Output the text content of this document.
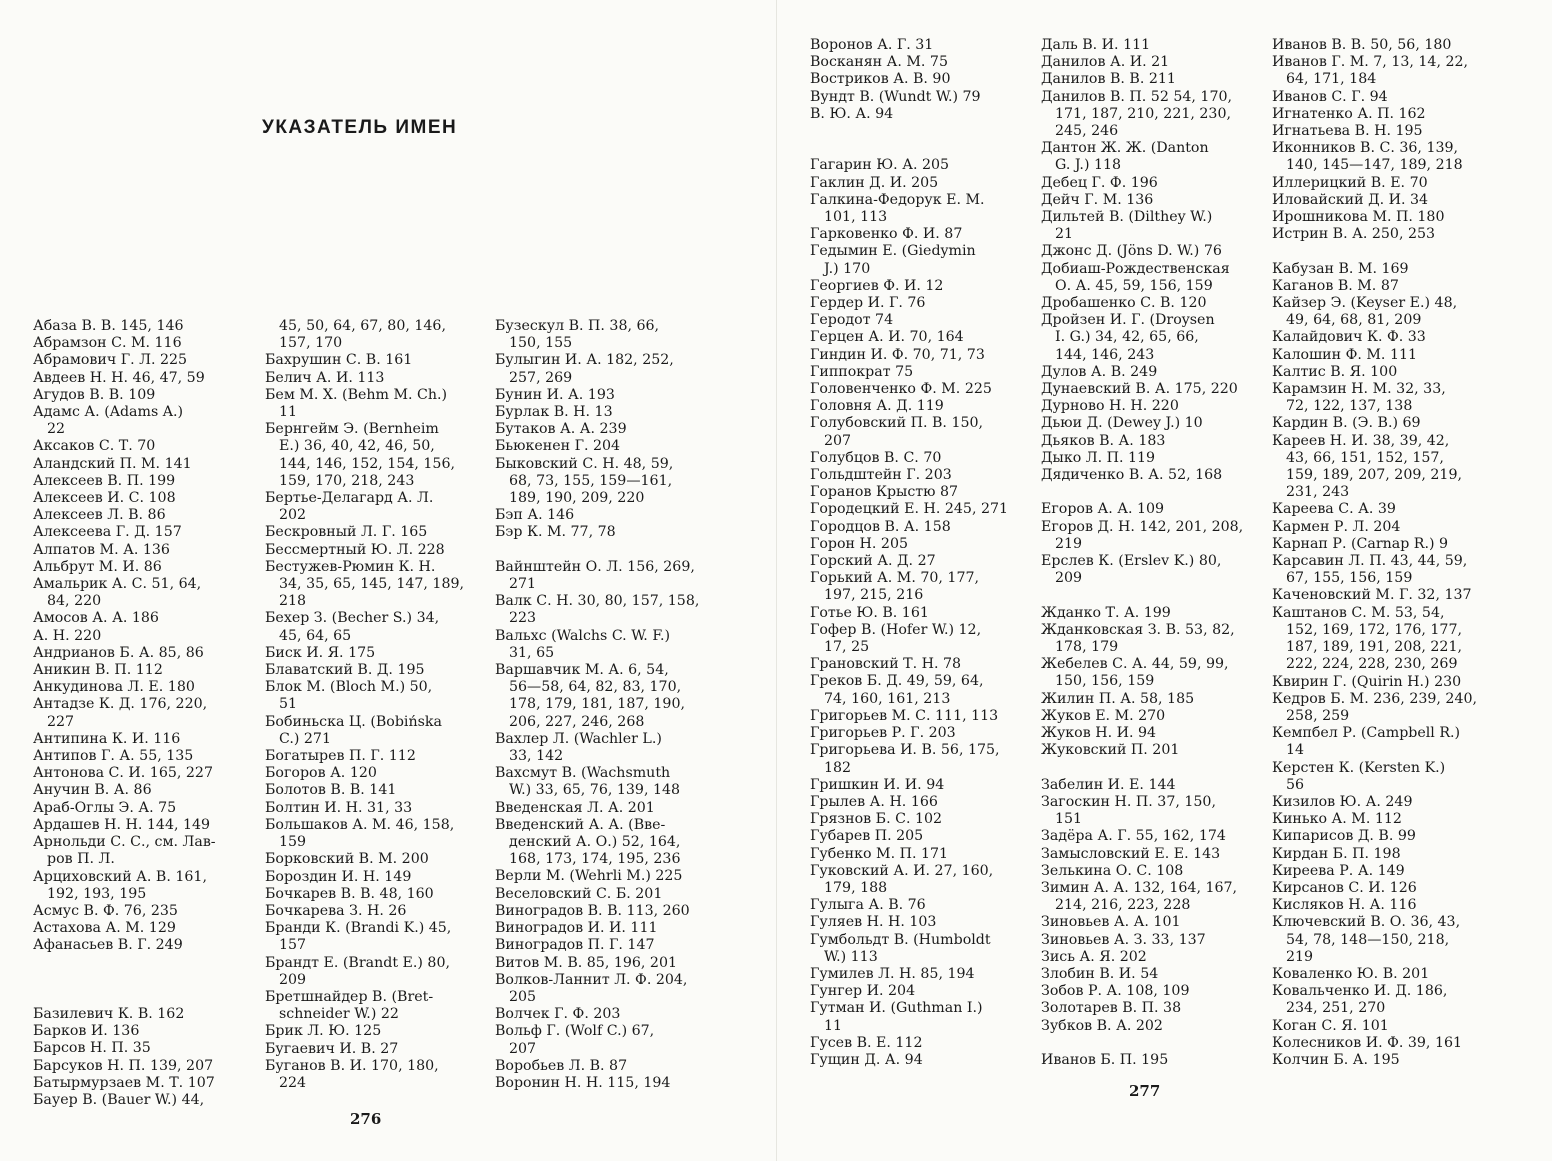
УКАЗАТЕЛЬ ИМЕН
Абаза В. В. 145, 146
Абрамзон С. М. 116
Абрамович Г. Л. 225
Авдеев Н. Н. 46, 47, 59
Агудов В. В. 109
Адамс А. (Adams A.)
22
Аксаков С. Т. 70
Аландский П. М. 141
Алексеев В. П. 199
Алексеев И. С. 108
Алексеев Л. В. 86
Алексеева Г. Д. 157
Алпатов М. А. 136
Альбрут М. И. 86
Амальрик А. С. 51, 64,
84, 220
Амосов А. А. 186
А. Н. 220
Андрианов Б. А. 85, 86
Аникин В. П. 112
Анкудинова Л. Е. 180
Антадзе К. Д. 176, 220,
227
Антипина К. И. 116
Антипов Г. А. 55, 135
Антонова С. И. 165, 227
Анучин В. А. 86
Араб-Оглы Э. А. 75
Ардашев Н. Н. 144, 149
Арнольди С. С., см. Лав-
ров П. Л.
Арциховский А. В. 161,
192, 193, 195
Асмус В. Ф. 76, 235
Астахова А. М. 129
Афанасьев В. Г. 249
Базилевич К. В. 162
Барков И. 136
Барсов Н. П. 35
Барсуков Н. П. 139, 207
Батырмурзаев М. Т. 107
Бауер В. (Bauer W.) 44,
45, 50, 64, 67, 80, 146,
157, 170
Бахрушин С. В. 161
Белич А. И. 113
Бем М. Х. (Behm M. Ch.)
11
Бернгейм Э. (Bernheim
E.) 36, 40, 42, 46, 50,
144, 146, 152, 154, 156,
159, 170, 218, 243
Бертье-Делагард А. Л.
202
Бескровный Л. Г. 165
Бессмертный Ю. Л. 228
Бестужев-Рюмин К. Н.
34, 35, 65, 145, 147, 189,
218
Бехер З. (Becher S.) 34,
45, 64, 65
Биск И. Я. 175
Блаватский В. Д. 195
Блок М. (Bloch M.) 50,
51
Бобиньска Ц. (Bobińska
C.) 271
Богатырев П. Г. 112
Богоров А. 120
Болотов В. В. 141
Болтин И. Н. 31, 33
Большаков А. М. 46, 158,
159
Борковский В. М. 200
Бороздин И. Н. 149
Бочкарев В. В. 48, 160
Бочкарева З. Н. 26
Бранди К. (Brandi K.) 45,
157
Брандт Е. (Brandt E.) 80,
209
Бретшнайдер В. (Bret-
schneider W.) 22
Брик Л. Ю. 125
Бугаевич И. В. 27
Буганов В. И. 170, 180,
224
Бузескул В. П. 38, 66,
150, 155
Булыгин И. А. 182, 252,
257, 269
Бунин И. А. 193
Бурлак В. Н. 13
Бутаков А. А. 239
Бьюкенен Г. 204
Быковский С. Н. 48, 59,
68, 73, 155, 159—161,
189, 190, 209, 220
Бэп А. 146
Бэр К. М. 77, 78
Вайнштейн О. Л. 156, 269,
271
Валк С. Н. 30, 80, 157, 158,
223
Вальхс (Walchs C. W. F.)
31, 65
Варшавчик М. А. 6, 54,
56—58, 64, 82, 83, 170,
178, 179, 181, 187, 190,
206, 227, 246, 268
Вахлер Л. (Wachler L.)
33, 142
Вахсмут В. (Wachsmuth
W.) 33, 65, 76, 139, 148
Введенская Л. А. 201
Введенский А. А. (Вве-
денский А. О.) 52, 164,
168, 173, 174, 195, 236
Верли М. (Wehrli M.) 225
Веселовский С. Б. 201
Виноградов В. В. 113, 260
Виноградов И. И. 111
Виноградов П. Г. 147
Витов М. В. 85, 196, 201
Волков-Ланнит Л. Ф. 204,
205
Волчек Г. Ф. 203
Вольф Г. (Wolf C.) 67,
207
Воробьев Л. В. 87
Воронин Н. Н. 115, 194
276
Воронов А. Г. 31
Восканян А. М. 75
Востриков А. В. 90
Вундт В. (Wundt W.) 79
В. Ю. А. 94
Гагарин Ю. А. 205
Гаклин Д. И. 205
Галкина-Федорук Е. М.
101, 113
Гарковенко Ф. И. 87
Гедымин Е. (Giedymin
J.) 170
Георгиев Ф. И. 12
Гердер И. Г. 76
Геродот 74
Герцен А. И. 70, 164
Гиндин И. Ф. 70, 71, 73
Гиппократ 75
Головенченко Ф. М. 225
Головня А. Д. 119
Голубовский П. В. 150,
207
Голубцов В. С. 70
Гольдштейн Г. 203
Горанов Крыстю 87
Городецкий Е. Н. 245, 271
Городцов В. А. 158
Горон Н. 205
Горский А. Д. 27
Горький А. М. 70, 177,
197, 215, 216
Готье Ю. В. 161
Гофер В. (Hofer W.) 12,
17, 25
Грановский Т. Н. 78
Греков Б. Д. 49, 59, 64,
74, 160, 161, 213
Григорьев М. С. 111, 113
Григорьев Р. Г. 203
Григорьева И. В. 56, 175,
182
Гришкин И. И. 94
Грылев А. Н. 166
Грязнов Б. С. 102
Губарев П. 205
Губенко М. П. 171
Гуковский А. И. 27, 160,
179, 188
Гулыга А. В. 76
Гуляев Н. Н. 103
Гумбольдт В. (Humboldt
W.) 113
Гумилев Л. Н. 85, 194
Гунгер И. 204
Гутман И. (Guthman I.)
11
Гусев В. Е. 112
Гущин Д. А. 94
Даль В. И. 111
Данилов А. И. 21
Данилов В. В. 211
Данилов В. П. 52 54, 170,
171, 187, 210, 221, 230,
245, 246
Дантон Ж. Ж. (Danton
G. J.) 118
Дебец Г. Ф. 196
Дейч Г. М. 136
Дильтей В. (Dilthey W.)
21
Джонс Д. (Jöns D. W.) 76
Добиаш-Рождественская
О. А. 45, 59, 156, 159
Дробашенко С. В. 120
Дройзен И. Г. (Droysen
I. G.) 34, 42, 65, 66,
144, 146, 243
Дулов А. В. 249
Дунаевский В. А. 175, 220
Дурново Н. Н. 220
Дьюи Д. (Dewey J.) 10
Дьяков В. А. 183
Дыко Л. П. 119
Дядиченко В. А. 52, 168
Егоров А. А. 109
Егоров Д. Н. 142, 201, 208,
219
Ерслев К. (Erslev K.) 80,
209
Жданко Т. А. 199
Жданковская З. В. 53, 82,
178, 179
Жебелев С. А. 44, 59, 99,
150, 156, 159
Жилин П. А. 58, 185
Жуков Е. М. 270
Жуков Н. И. 94
Жуковский П. 201
Забелин И. Е. 144
Загоскин Н. П. 37, 150,
151
Задёра А. Г. 55, 162, 174
Замысловский Е. Е. 143
Зелькина О. С. 108
Зимин А. А. 132, 164, 167,
214, 216, 223, 228
Зиновьев А. А. 101
Зиновьев А. З. 33, 137
Зись А. Я. 202
Злобин В. И. 54
Зобов Р. А. 108, 109
Золотарев В. П. 38
Зубков В. А. 202
Иванов Б. П. 195
Иванов В. В. 50, 56, 180
Иванов Г. М. 7, 13, 14, 22,
64, 171, 184
Иванов С. Г. 94
Игнатенко А. П. 162
Игнатьева В. Н. 195
Иконников В. С. 36, 139,
140, 145—147, 189, 218
Иллерицкий В. Е. 70
Иловайский Д. И. 34
Ирошникова М. П. 180
Истрин В. А. 250, 253
Кабузан В. М. 169
Каганов В. М. 87
Кайзер Э. (Keyser E.) 48,
49, 64, 68, 81, 209
Калайдович К. Ф. 33
Калошин Ф. М. 111
Калтис В. Я. 100
Карамзин Н. М. 32, 33,
72, 122, 137, 138
Кардин В. (Э. В.) 69
Кареев Н. И. 38, 39, 42,
43, 66, 151, 152, 157,
159, 189, 207, 209, 219,
231, 243
Кареева С. А. 39
Кармен Р. Л. 204
Карнап Р. (Carnap R.) 9
Карсавин Л. П. 43, 44, 59,
67, 155, 156, 159
Каченовский М. Г. 32, 137
Каштанов С. М. 53, 54,
152, 169, 172, 176, 177,
187, 189, 191, 208, 221,
222, 224, 228, 230, 269
Квирин Г. (Quirin H.) 230
Кедров Б. М. 236, 239, 240,
258, 259
Кемпбел Р. (Campbell R.)
14
Керстен К. (Kersten K.)
56
Кизилов Ю. А. 249
Кинько А. М. 112
Кипарисов Д. В. 99
Кирдан Б. П. 198
Киреева Р. А. 149
Кирсанов С. И. 126
Кисляков Н. А. 116
Ключевский В. О. 36, 43,
54, 78, 148—150, 218,
219
Коваленко Ю. В. 201
Ковальченко И. Д. 186,
234, 251, 270
Коган С. Я. 101
Колесников И. Ф. 39, 161
Колчин Б. А. 195
277
